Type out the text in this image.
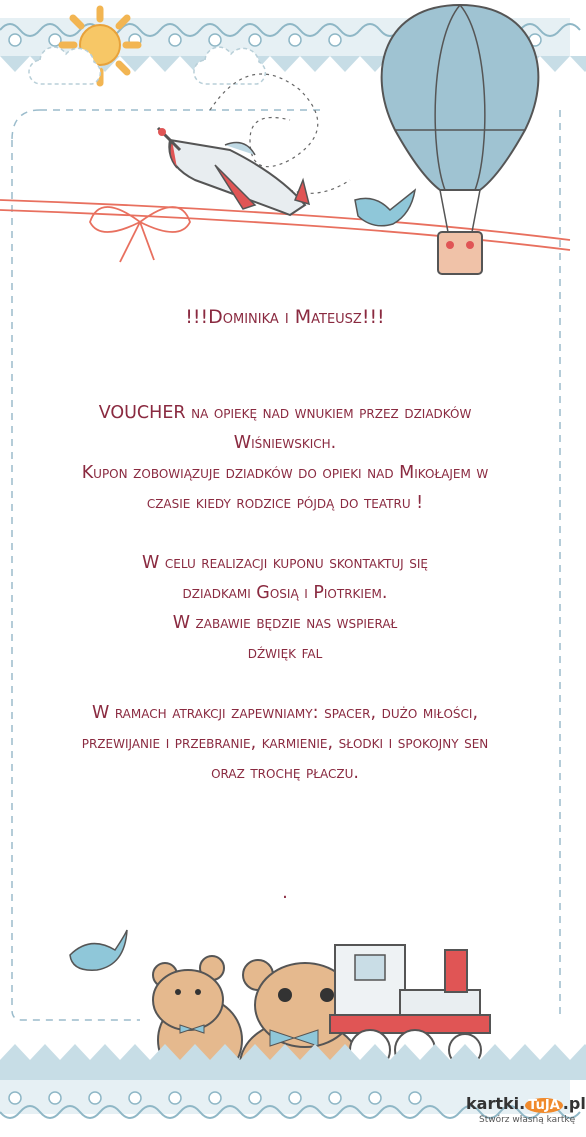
!!!Dominika i Mateusz!!!
VOUCHER na opiekę nad wnukiem przez dziadków
Wiśniewskich.
Kupon zobowiązuje dziadków do opieki nad Mikołajem w
czasie kiedy rodzice pójdą do teatru !
W celu realizacji kuponu skontaktuj się
dziadkami Gosią i Piotrkiem.
W zabawie będzie nas wspierał
dźwięk fal
W ramach atrakcji zapewniamy: spacer, dużo miłości,
przewijanie i przebranie, karmienie, słodki i spokojny sen
oraz trochę płaczu.
.
kartki. TuJA .pl
Stwórz własną kartkę
